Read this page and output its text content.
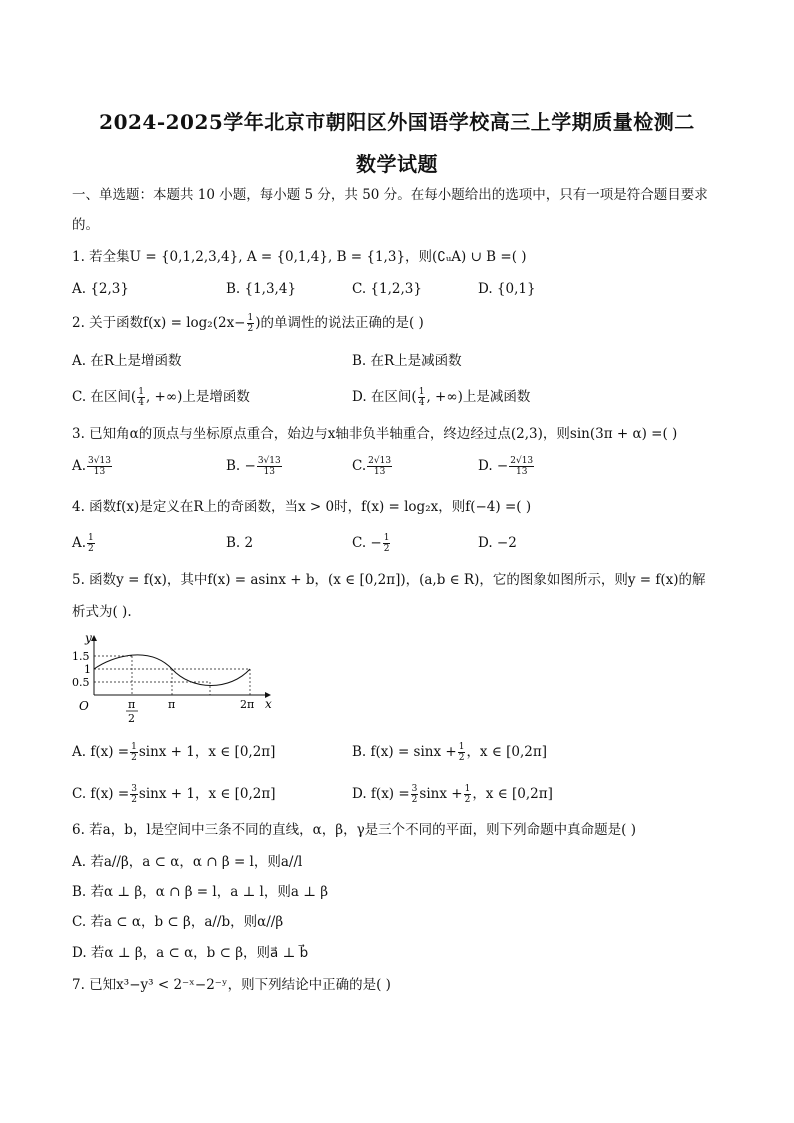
2024-2025学年北京市朝阳区外国语学校高三上学期质量检测二
数学试题
一、单选题：本题共 10 小题，每小题 5 分，共 50 分。在每小题给出的选项中，只有一项是符合题目要求
的。
1. 若全集U = {0,1,2,3,4}, A = {0,1,4}, B = {1,3}，则(∁ᵤA) ∪ B =( )
A. {2,3}	B. {1,3,4}	C. {1,2,3}	D. {0,1}
2. 关于函数$f(x) = \log_2(2x- \frac{1}{2}$ )的单调性的说法正确的是( )
A. 在R上是增函数	B. 在R上是减函数
C. 在区间( $\frac{1}{4}$ , +∞)上是增函数	D. 在区间( $\frac{1}{4}$ , +∞)上是减函数
3. 已知角α的顶点与坐标原点重合，始边与x轴非负半轴重合，终边经过点(2,3)，则sin(3π + α) =( )
A. $\frac{3√13}{13}$	B. − $\frac{3√13}{13}$	C. $\frac{2√13}{13}$	D. − $\frac{2√13}{13}$
4. 函数f(x)是定义在R上的奇函数，当x > 0时，f(x) = log₂x，则f(−4) =( )
A. $\frac{1}{2}$	B. 2	C. − $\frac{1}{2}$	D. −2
5. 函数y = f(x)，其中f(x) = asinx + b，(x ∈ [0,2π])，(a,b ∈ R)，它的图象如图所示，则y = f(x)的解
析式为( ).
y
x
O
1.5
1
0.5
π
2
π	2π
A. $f(x) = \frac{1}{2}$ sinx + 1，x ∈ [0,2π]	B. $f(x) = \sin x + \frac{1}{2}$ ，x ∈ [0,2π]
C. $f(x) = \frac{3}{2}$ sinx + 1，x ∈ [0,2π]	D. $f(x) = \frac{3}{2}$ $\sin x + \frac{1}{2}$ ，x ∈ [0,2π]
6. 若a，b，l是空间中三条不同的直线，α，β，γ是三个不同的平面，则下列命题中真命题是( )
A. 若a//β，a ⊂ α，α ∩ β = l，则a//l
B. 若α ⊥ β，α ∩ β = l，a ⊥ l，则a ⊥ β
C. 若a ⊂ α，b ⊂ β，a//b，则α//β
D. 若α ⊥ β，a ⊂ α，b ⊂ β，则a⃗ ⊥ b⃗
7. 已知x³−y³ < 2⁻ˣ−2⁻ʸ，则下列结论中正确的是( )
